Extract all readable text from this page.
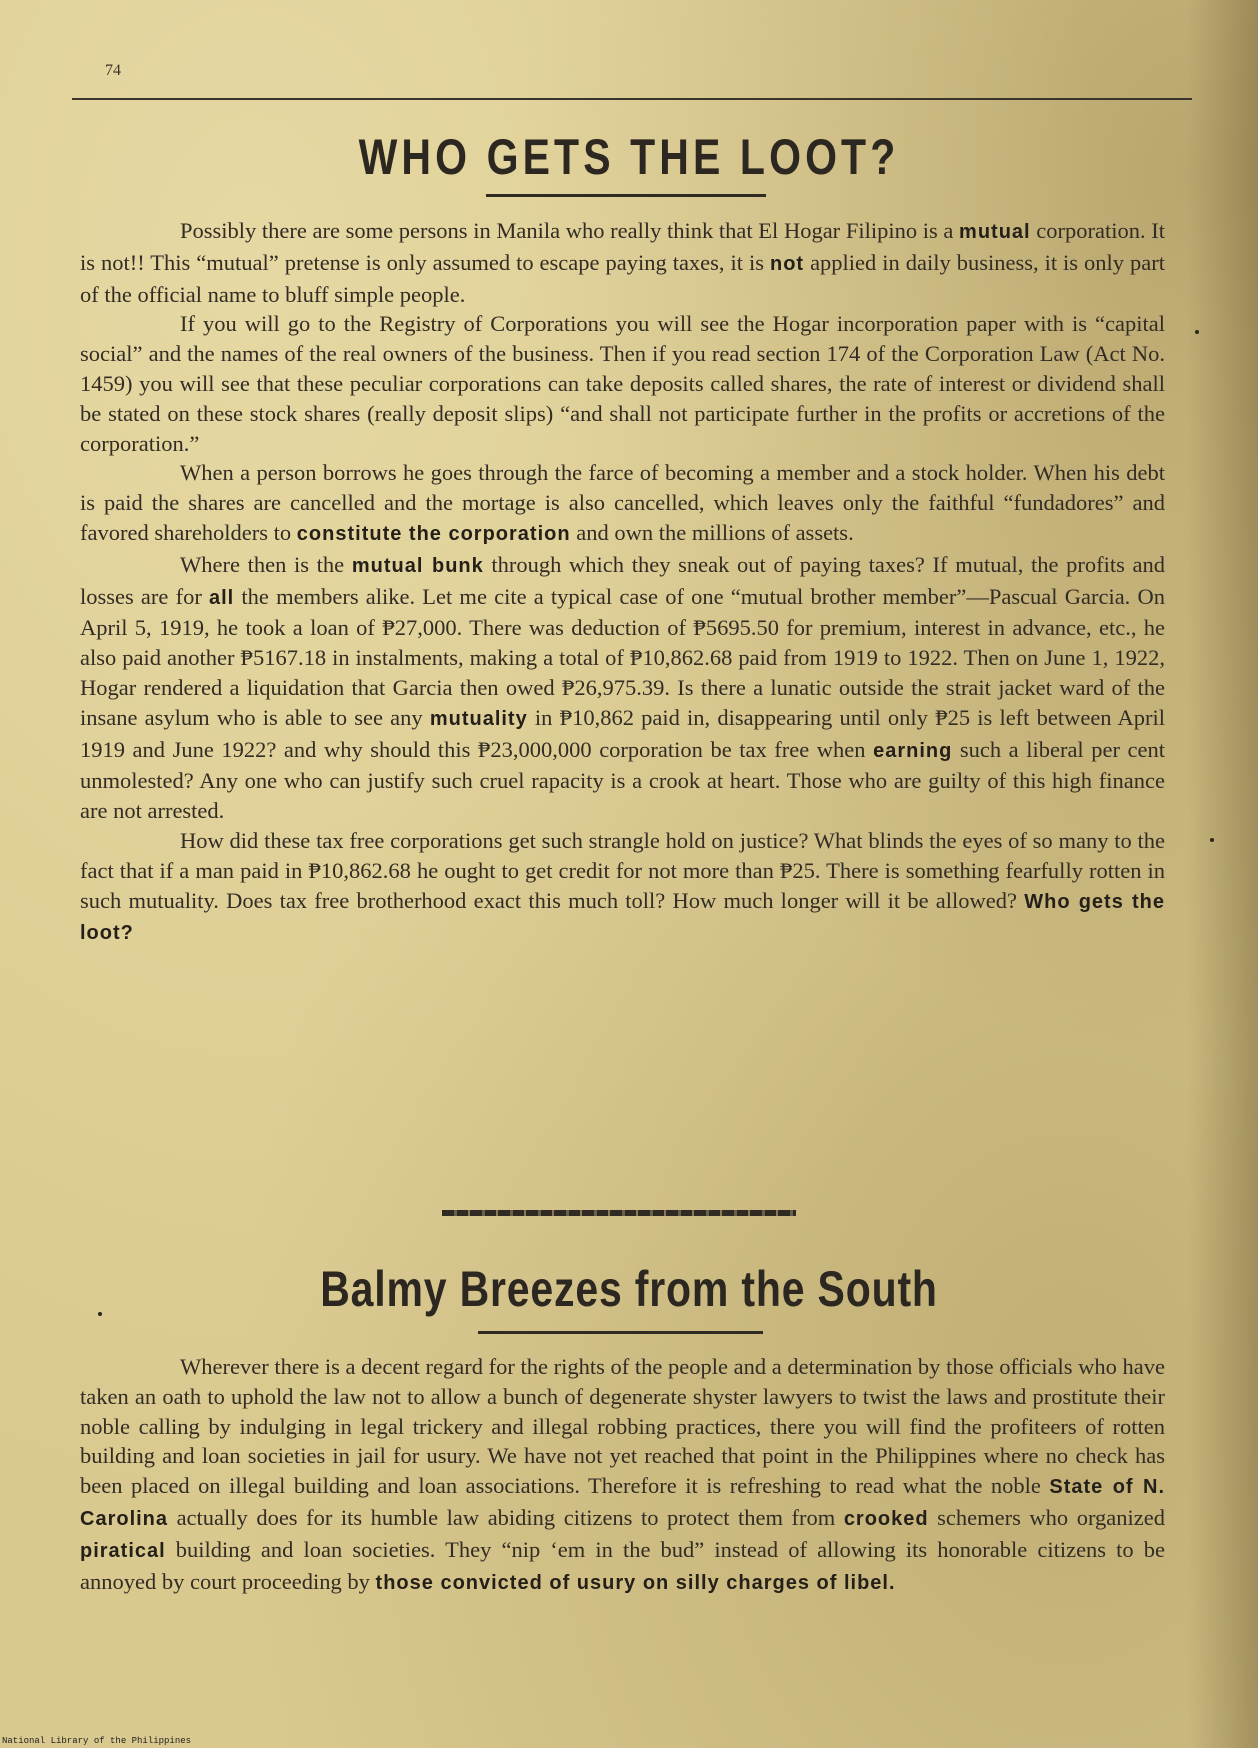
74
WHO GETS THE LOOT?

Possibly there are some persons in Manila who really think that El Hogar Filipino is a mutual corporation. It is not!! This “mutual” pretense is only assumed to escape paying taxes, it is not applied in daily business, it is only part of the official name to bluff simple people.

If you will go to the Registry of Corporations you will see the Hogar incorporation paper with is “capital social” and the names of the real owners of the business. Then if you read section 174 of the Corporation Law (Act No. 1459) you will see that these peculiar corporations can take deposits called shares, the rate of interest or dividend shall be stated on these stock shares (really deposit slips) “and shall not participate further in the profits or accretions of the corporation.”

When a person borrows he goes through the farce of becoming a member and a stock holder. When his debt is paid the shares are cancelled and the mortage is also cancelled, which leaves only the faithful “fundadores” and favored shareholders to constitute the corporation and own the millions of assets.

Where then is the mutual bunk through which they sneak out of paying taxes? If mutual, the profits and losses are for all the members alike. Let me cite a typical case of one “mutual brother member”—Pascual Garcia. On April 5, 1919, he took a loan of ₱27,000. There was deduction of ₱5695.50 for premium, interest in advance, etc., he also paid another ₱5167.18 in instalments, making a total of ₱10,862.68 paid from 1919 to 1922. Then on June 1, 1922, Hogar rendered a liquidation that Garcia then owed ₱26,975.39. Is there a lunatic outside the strait jacket ward of the insane asylum who is able to see any mutuality in ₱10,862 paid in, disappearing until only ₱25 is left between April 1919 and June 1922? and why should this ₱23,000,000 corporation be tax free when earning such a liberal per cent unmolested? Any one who can justify such cruel rapacity is a crook at heart. Those who are guilty of this high finance are not arrested.

How did these tax free corporations get such strangle hold on justice? What blinds the eyes of so many to the fact that if a man paid in ₱10,862.68 he ought to get credit for not more than ₱25. There is something fearfully rotten in such mutuality. Does tax free brotherhood exact this much toll? How much longer will it be allowed? Who gets the loot?

Balmy Breezes from the South

Wherever there is a decent regard for the rights of the people and a determination by those officials who have taken an oath to uphold the law not to allow a bunch of degenerate shyster lawyers to twist the laws and prostitute their noble calling by indulging in legal trickery and illegal robbing practices, there you will find the profiteers of rotten building and loan societies in jail for usury. We have not yet reached that point in the Philippines where no check has been placed on illegal building and loan associations. Therefore it is refreshing to read what the noble State of N. Carolina actually does for its humble law abiding citizens to protect them from crooked schemers who organized piratical building and loan societies. They “nip ‘em in the bud” instead of allowing its honorable citizens to be annoyed by court proceeding by those convicted of usury on silly charges of libel.

National Library of the Philippines
